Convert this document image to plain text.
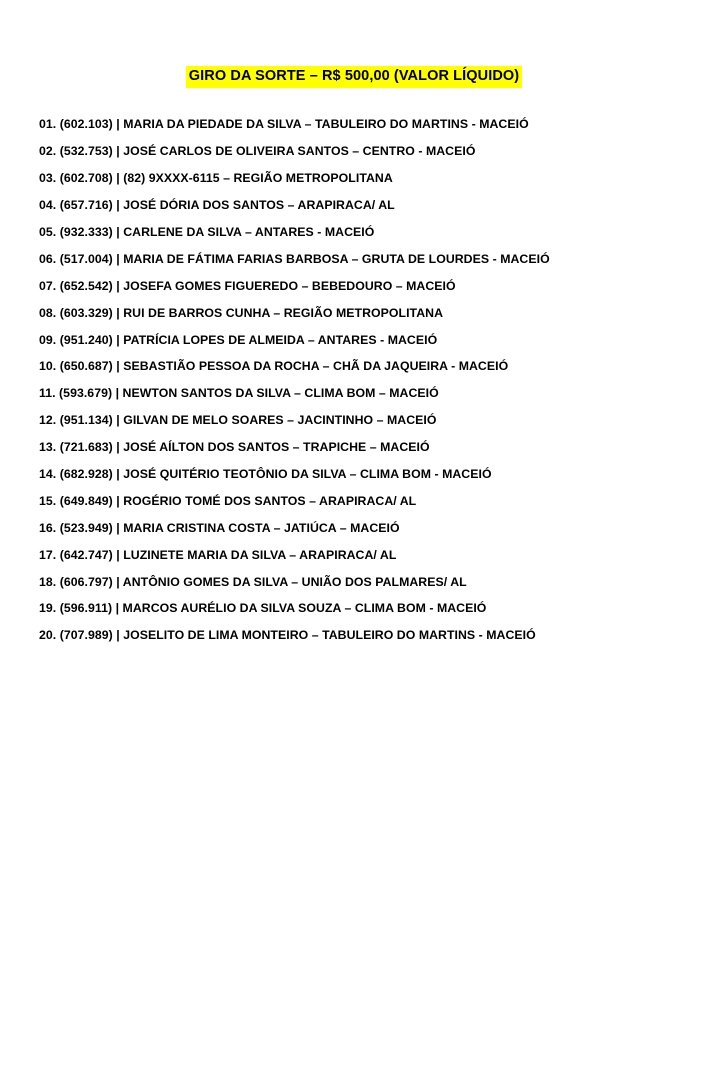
GIRO DA SORTE – R$ 500,00 (VALOR LÍQUIDO)
01. (602.103) | MARIA DA PIEDADE DA SILVA – TABULEIRO DO MARTINS - MACEIÓ
02. (532.753) | JOSÉ CARLOS DE OLIVEIRA SANTOS – CENTRO - MACEIÓ
03. (602.708) | (82) 9XXXX-6115 – REGIÃO METROPOLITANA
04. (657.716) | JOSÉ DÓRIA DOS SANTOS – ARAPIRACA/ AL
05. (932.333) | CARLENE DA SILVA – ANTARES - MACEIÓ
06. (517.004) | MARIA DE FÁTIMA FARIAS BARBOSA – GRUTA DE LOURDES - MACEIÓ
07. (652.542) | JOSEFA GOMES FIGUEREDO – BEBEDOURO – MACEIÓ
08. (603.329) | RUI DE BARROS CUNHA – REGIÃO METROPOLITANA
09. (951.240) | PATRÍCIA LOPES DE ALMEIDA – ANTARES - MACEIÓ
10. (650.687) | SEBASTIÃO PESSOA DA ROCHA – CHÃ DA JAQUEIRA - MACEIÓ
11. (593.679) | NEWTON SANTOS DA SILVA – CLIMA BOM – MACEIÓ
12. (951.134) | GILVAN DE MELO SOARES – JACINTINHO – MACEIÓ
13. (721.683) | JOSÉ AÍLTON DOS SANTOS – TRAPICHE – MACEIÓ
14. (682.928) | JOSÉ QUITÉRIO TEOTÔNIO DA SILVA – CLIMA BOM - MACEIÓ
15. (649.849) | ROGÉRIO TOMÉ DOS SANTOS – ARAPIRACA/ AL
16. (523.949) | MARIA CRISTINA COSTA – JATIÚCA – MACEIÓ
17. (642.747) | LUZINETE MARIA DA SILVA – ARAPIRACA/ AL
18. (606.797) | ANTÔNIO GOMES DA SILVA – UNIÃO DOS PALMARES/ AL
19. (596.911) | MARCOS AURÉLIO DA SILVA SOUZA – CLIMA BOM - MACEIÓ
20. (707.989) | JOSELITO DE LIMA MONTEIRO – TABULEIRO DO MARTINS - MACEIÓ
